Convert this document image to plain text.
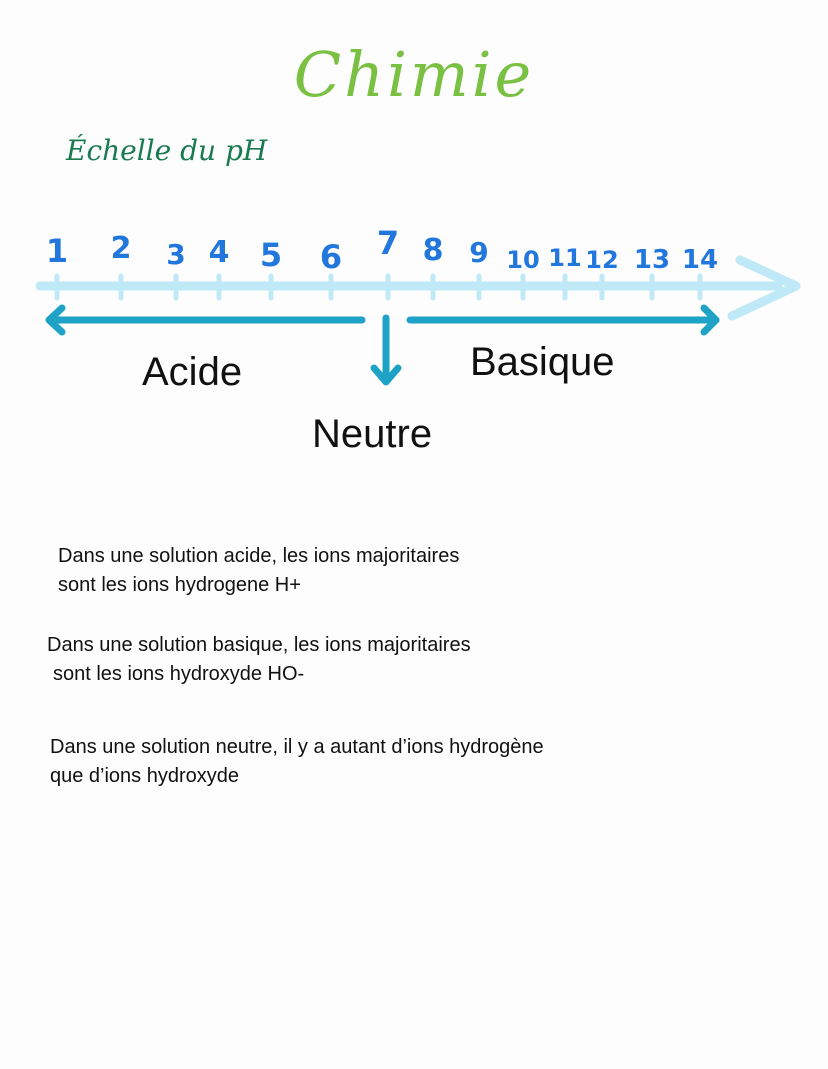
Chimie
Échelle du pH
1 2 3 4 5 6 7 8 9 10 11 12 13 14
Acide	Basique
Neutre
Dans une solution acide, les ions majoritaires
sont les ions hydrogene H+
Dans une solution basique, les ions majoritaires
sont les ions hydroxyde HO-
Dans une solution neutre, il y a autant d’ions hydrogène
que d’ions hydroxyde
